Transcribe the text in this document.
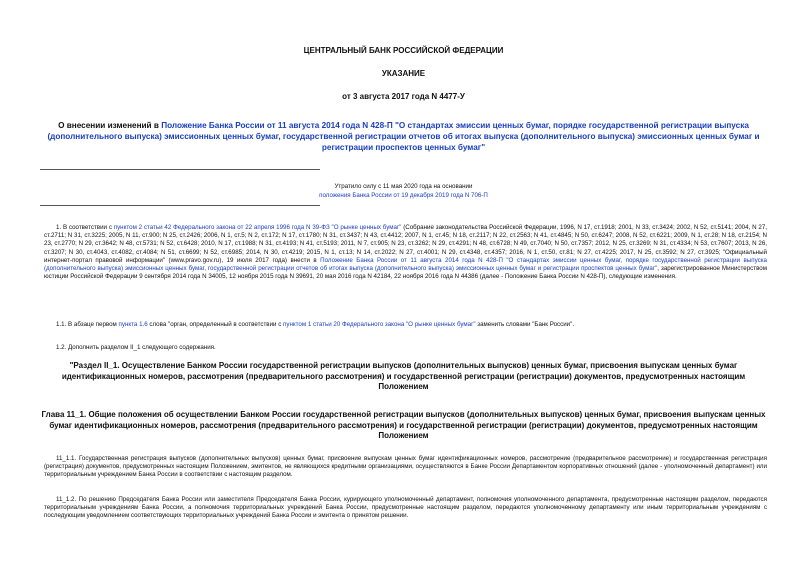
ЦЕНТРАЛЬНЫЙ БАНК РОССИЙСКОЙ ФЕДЕРАЦИИ
УКАЗАНИЕ
от 3 августа 2017 года N 4477-У
О внесении изменений в Положение Банка России от 11 августа 2014 года N 428-П "О стандартах эмиссии ценных бумаг, порядке государственной регистрации выпуска (дополнительного выпуска) эмиссионных ценных бумаг, государственной регистрации отчетов об итогах выпуска (дополнительного выпуска) эмиссионных ценных бумаг и регистрации проспектов ценных бумаг"
Утратило силу с 11 мая 2020 года на основании
положения Банка России от 19 декабря 2019 года N 706-П
1. В соответствии с пунктом 2 статьи 42 Федерального закона от 22 апреля 1996 года N 39-ФЗ "О рынке ценных бумаг" (Собрание законодательства Российской Федерации, 1996, N 17, ст.1918; 2001, N 33, ст.3424; 2002, N 52, ст.5141; 2004, N 27, ст.2711; N 31, ст.3225; 2005, N 11, ст.900; N 25, ст.2426; 2006, N 1, ст.5; N 2, ст.172; N 17, ст.1780; N 31, ст.3437; N 43, ст.4412; 2007, N 1, ст.45; N 18, ст.2117; N 22, ст.2563; N 41, ст.4845; N 50, ст.6247; 2008, N 52, ст.6221; 2009, N 1, ст.28; N 18, ст.2154; N 23, ст.2770; N 29, ст.3642; N 48, ст.5731; N 52, ст.6428; 2010, N 17, ст.1988; N 31, ст.4193; N 41, ст.5193; 2011, N 7, ст.905; N 23, ст.3262; N 29, ст.4291; N 48, ст.6728; N 49, ст.7040; N 50, ст.7357; 2012, N 25, ст.3269; N 31, ст.4334; N 53, ст.7607; 2013, N 26, ст.3207; N 30, ст.4043, ст.4082, ст.4084; N 51, ст.6699; N 52, ст.6985; 2014, N 30, ст.4219; 2015, N 1, ст.13; N 14, ст.2022; N 27, ст.4001; N 29, ст.4348, ст.4357; 2016, N 1, ст.50, ст.81; N 27, ст.4225; 2017, N 25, ст.3592; N 27, ст.3925; "Официальный интернет-портал правовой информации" (www.pravo.gov.ru), 19 июля 2017 года) внести в Положение Банка России от 11 августа 2014 года N 428-П "О стандартах эмиссии ценных бумаг, порядке государственной регистрации выпуска (дополнительного выпуска) эмиссионных ценных бумаг, государственной регистрации отчетов об итогах выпуска (дополнительного выпуска) эмиссионных ценных бумаг и регистрации проспектов ценных бумаг", зарегистрированное Министерством юстиции Российской Федерации 9 сентября 2014 года N 34005, 12 ноября 2015 года N 39691, 20 мая 2016 года N 42184, 22 ноября 2016 года N 44386 (далее - Положение Банка России N 428-П), следующие изменения.
1.1. В абзаце первом пункта 1.6 слова "орган, определенный в соответствии с пунктом 1 статьи 20 Федерального закона "О рынке ценных бумаг" заменить словами "Банк России".
1.2. Дополнить разделом II_1 следующего содержания.
"Раздел II_1. Осуществление Банком России государственной регистрации выпусков (дополнительных выпусков) ценных бумаг, присвоения выпускам ценных бумаг идентификационных номеров, рассмотрения (предварительного рассмотрения) и государственной регистрации (регистрации) документов, предусмотренных настоящим Положением
Глава 11_1. Общие положения об осуществлении Банком России государственной регистрации выпусков (дополнительных выпусков) ценных бумаг, присвоения выпускам ценных бумаг идентификационных номеров, рассмотрения (предварительного рассмотрения) и государственной регистрации (регистрации) документов, предусмотренных настоящим Положением
11_1.1. Государственная регистрация выпусков (дополнительных выпусков) ценных бумаг, присвоение выпускам ценных бумаг идентификационных номеров, рассмотрение (предварительное рассмотрение) и государственная регистрация (регистрация) документов, предусмотренных настоящим Положением, эмитентов, не являющихся кредитными организациями, осуществляются в Банке России Департаментом корпоративных отношений (далее - уполномоченный департамент) или территориальным учреждением Банка России в соответствии с настоящим разделом.
11_1.2. По решению Председателя Банка России или заместителя Председателя Банка России, курирующего уполномоченный департамент, полномочия уполномоченного департамента, предусмотренные настоящим разделом, передаются территориальным учреждениям Банка России, а полномочия территориальных учреждений Банка России, предусмотренные настоящим разделом, передаются уполномоченному департаменту или иным территориальным учреждениям с последующим уведомлением соответствующих территориальных учреждений Банка России и эмитента о принятом решении.
